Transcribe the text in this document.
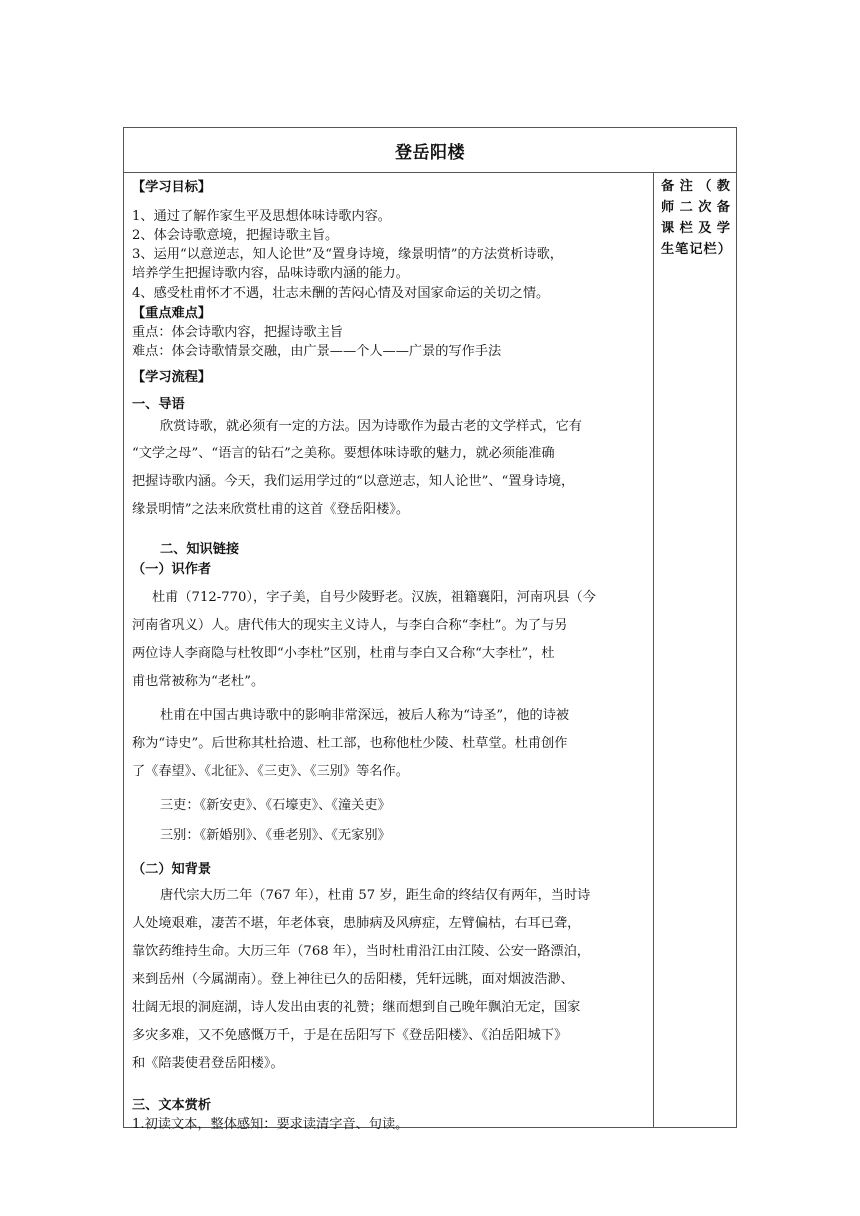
登岳阳楼
【学习目标】
1、通过了解作家生平及思想体味诗歌内容。
2、体会诗歌意境，把握诗歌主旨。
3、运用“以意逆志，知人论世”及“置身诗境，缘景明情”的方法赏析诗歌，
培养学生把握诗歌内容，品味诗歌内涵的能力。
4、感受杜甫怀才不遇，壮志未酬的苦闷心情及对国家命运的关切之情。
【重点难点】
重点：体会诗歌内容，把握诗歌主旨
难点：体会诗歌情景交融，由广景——个人——广景的写作手法
【学习流程】
一、导语
欣赏诗歌，就必须有一定的方法。因为诗歌作为最古老的文学样式，它有
“文学之母”、“语言的钻石”之美称。要想体味诗歌的魅力，就必须能准确
把握诗歌内涵。今天，我们运用学过的“以意逆志，知人论世”、“置身诗境，
缘景明情”之法来欣赏杜甫的这首《登岳阳楼》。
二、知识链接
（一）识作者
杜甫（712-770），字子美，自号少陵野老。汉族，祖籍襄阳，河南巩县（今
河南省巩义）人。唐代伟大的现实主义诗人，与李白合称“李杜”。为了与另
两位诗人李商隐与杜牧即“小李杜”区别，杜甫与李白又合称“大李杜”，杜
甫也常被称为“老杜”。
杜甫在中国古典诗歌中的影响非常深远，被后人称为“诗圣”，他的诗被
称为“诗史”。后世称其杜拾遗、杜工部，也称他杜少陵、杜草堂。杜甫创作
了《春望》、《北征》、《三吏》、《三别》等名作。
三吏：《新安吏》、《石壕吏》、《潼关吏》
三别：《新婚别》、《垂老别》、《无家别》
（二）知背景
唐代宗大历二年（767 年），杜甫 57 岁，距生命的终结仅有两年，当时诗
人处境艰难，凄苦不堪，年老体衰，患肺病及风痹症，左臂偏枯，右耳已聋，
靠饮药维持生命。大历三年（768 年），当时杜甫沿江由江陵、公安一路漂泊，
来到岳州（今属湖南）。登上神往已久的岳阳楼，凭轩远眺，面对烟波浩渺、
壮阔无垠的洞庭湖，诗人发出由衷的礼赞；继而想到自己晚年飘泊无定，国家
多灾多难，又不免感慨万千，于是在岳阳写下《登岳阳楼》、《泊岳阳城下》
和《陪裴使君登岳阳楼》。
三、文本赏析
1.初读文本，整体感知：要求读清字音、句读。
备注（教师二次备课栏及学生笔记栏）
